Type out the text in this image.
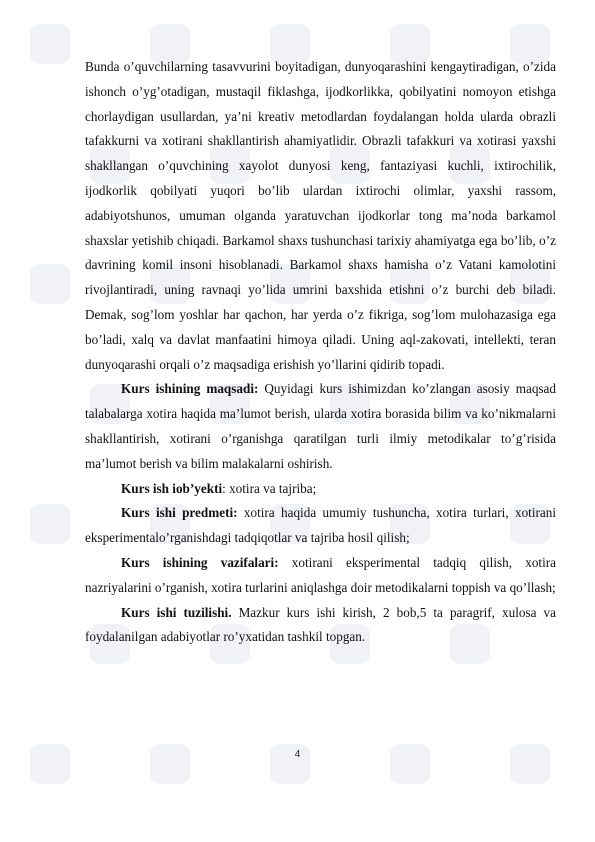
Bunda o’quvchilarning tasavvurini boyitadigan, dunyoqarashini kengaytiradigan, o’zida ishonch o’yg’otadigan, mustaqil fiklashga, ijodkorlikka, qobilyatini nomoyon etishga chorlaydigan usullardan, ya’ni kreativ metodlardan foydalangan holda ularda obrazli tafakkurni va xotirani shakllantirish ahamiyatlidir. Obrazli tafakkuri va xotirasi yaxshi shakllangan o’quvchining xayolot dunyosi keng, fantaziyasi kuchli, ixtirochilik, ijodkorlik qobilyati yuqori bo’lib ulardan ixtirochi olimlar, yaxshi rassom, adabiyotshunos, umuman olganda yaratuvchan ijodkorlar tong ma’noda barkamol shaxslar yetishib chiqadi. Barkamol shaxs tushunchasi tarixiy ahamiyatga ega bo’lib, o’z davrining komil insoni hisoblanadi. Barkamol shaxs hamisha o’z Vatani kamolotini rivojlantiradi, uning ravnaqi yo’lida umrini baxshida etishni o’z burchi deb biladi. Demak, sog’lom yoshlar har qachon, har yerda o’z fikriga, sog’lom mulohazasiga ega bo’ladi, xalq va davlat manfaatini himoya qiladi. Uning aql-zakovati, intellekti, teran dunyoqarashi orqali o’z maqsadiga erishish yo’llarini qidirib topadi.

Kurs ishining maqsadi: Quyidagi kurs ishimizdan ko’zlangan asosiy maqsad talabalarga xotira haqida ma’lumot berish, ularda xotira borasida bilim va ko’nikmalarni shakllantirish, xotirani o’rganishga qaratilgan turli ilmiy metodikalar to’g’risida ma’lumot berish va bilim malakalarni oshirish.

Kurs ish iob’yekti: xotira va tajriba;

Kurs ishi predmeti: xotira haqida umumiy tushuncha, xotira turlari, xotirani eksperimentalo’rganishdagi tadqiqotlar va tajriba hosil qilish;

Kurs ishining vazifalari: xotirani eksperimental tadqiq qilish, xotira nazriyalarini o’rganish, xotira turlarini aniqlashga doir metodikalarni toppish va qo’llash;

Kurs ishi tuzilishi. Mazkur kurs ishi kirish, 2 bob,5 ta paragrif, xulosa va foydalanilgan adabiyotlar ro’yxatidan tashkil topgan.

4
